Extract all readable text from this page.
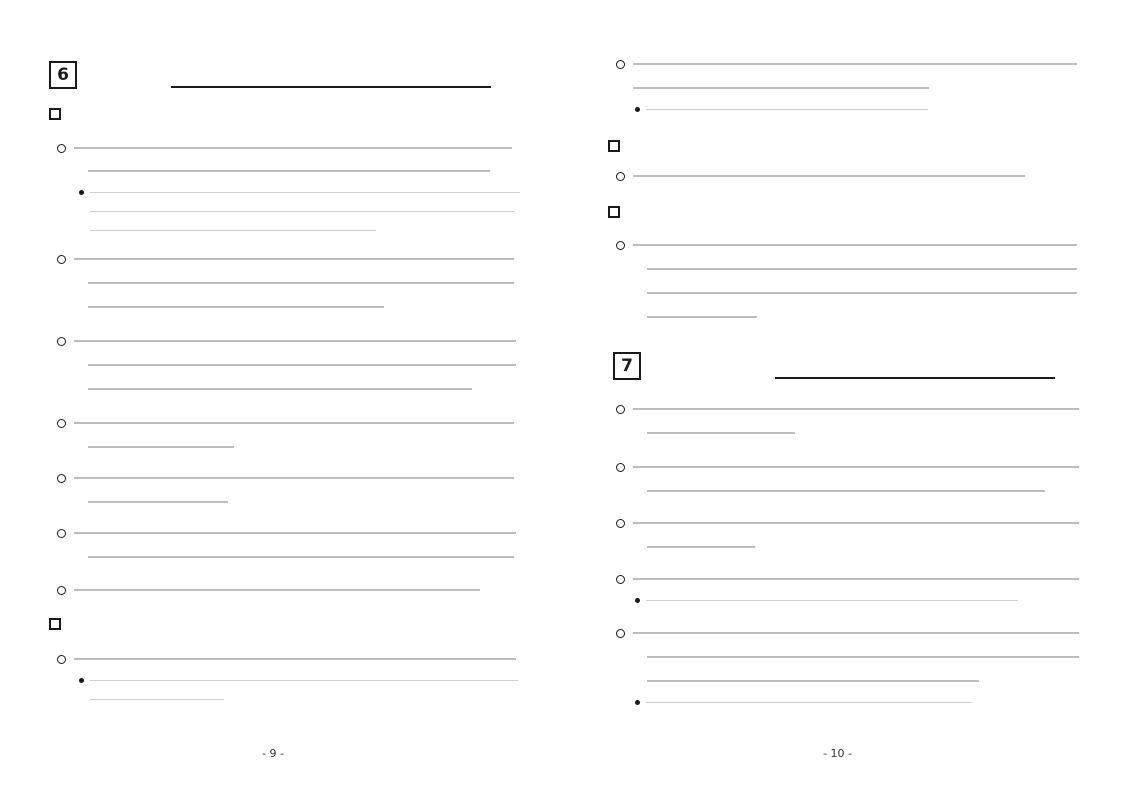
6
- 9 -
7
- 10 -
